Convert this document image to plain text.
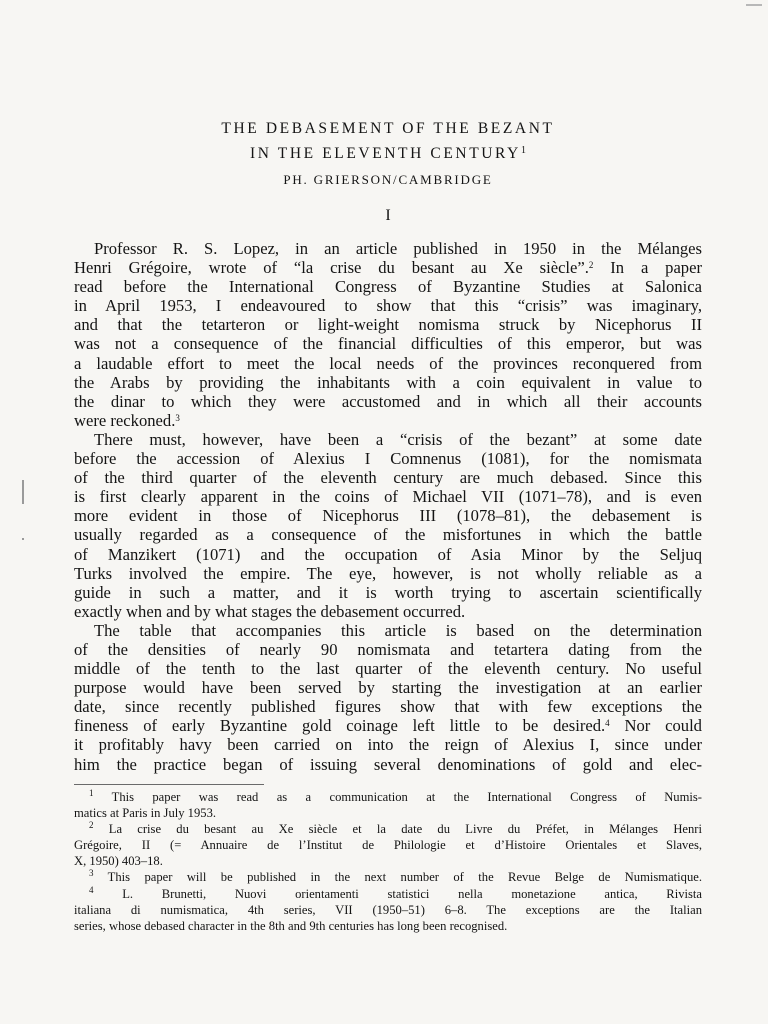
THE DEBASEMENT OF THE BEZANT
IN THE ELEVENTH CENTURY$^1$
PH. GRIERSON/CAMBRIDGE
I
Professor R. S. Lopez, in an article published in 1950 in the Mélanges
Henri Grégoire, wrote of “la crise du besant au Xe siècle”.$^2$ In a paper
read before the International Congress of Byzantine Studies at Salonica
in April 1953, I endeavoured to show that this “crisis” was imaginary,
and that the tetarteron or light-weight nomisma struck by Nicephorus II
was not a consequence of the financial difficulties of this emperor, but was
a laudable effort to meet the local needs of the provinces reconquered from
the Arabs by providing the inhabitants with a coin equivalent in value to
the dinar to which they were accustomed and in which all their accounts
were reckoned.$^3$
There must, however, have been a “crisis of the bezant” at some date
before the accession of Alexius I Comnenus (1081), for the nomismata
of the third quarter of the eleventh century are much debased. Since this
is first clearly apparent in the coins of Michael VII (1071–78), and is even
more evident in those of Nicephorus III (1078–81), the debasement is
usually regarded as a consequence of the misfortunes in which the battle
of Manzikert (1071) and the occupation of Asia Minor by the Seljuq
Turks involved the empire. The eye, however, is not wholly reliable as a
guide in such a matter, and it is worth trying to ascertain scientifically
exactly when and by what stages the debasement occurred.
The table that accompanies this article is based on the determination
of the densities of nearly 90 nomismata and tetartera dating from the
middle of the tenth to the last quarter of the eleventh century. No useful
purpose would have been served by starting the investigation at an earlier
date, since recently published figures show that with few exceptions the
fineness of early Byzantine gold coinage left little to be desired.$^4$ Nor could
it profitably havy been carried on into the reign of Alexius I, since under
him the practice began of issuing several denominations of gold and elec-
$^1$ This paper was read as a communication at the International Congress of Numis-
matics at Paris in July 1953.
$^2$ La crise du besant au Xe siècle et la date du Livre du Préfet, in Mélanges Henri
Grégoire, II (= Annuaire de l’Institut de Philologie et d’Histoire Orientales et Slaves,
X, 1950) 403–18.
$^3$ This paper will be published in the next number of the Revue Belge de Numismatique.
$^4$ L. Brunetti, Nuovi orientamenti statistici nella monetazione antica, Rivista
italiana di numismatica, 4th series, VII (1950–51) 6–8. The exceptions are the Italian
series, whose debased character in the 8th and 9th centuries has long been recognised.
